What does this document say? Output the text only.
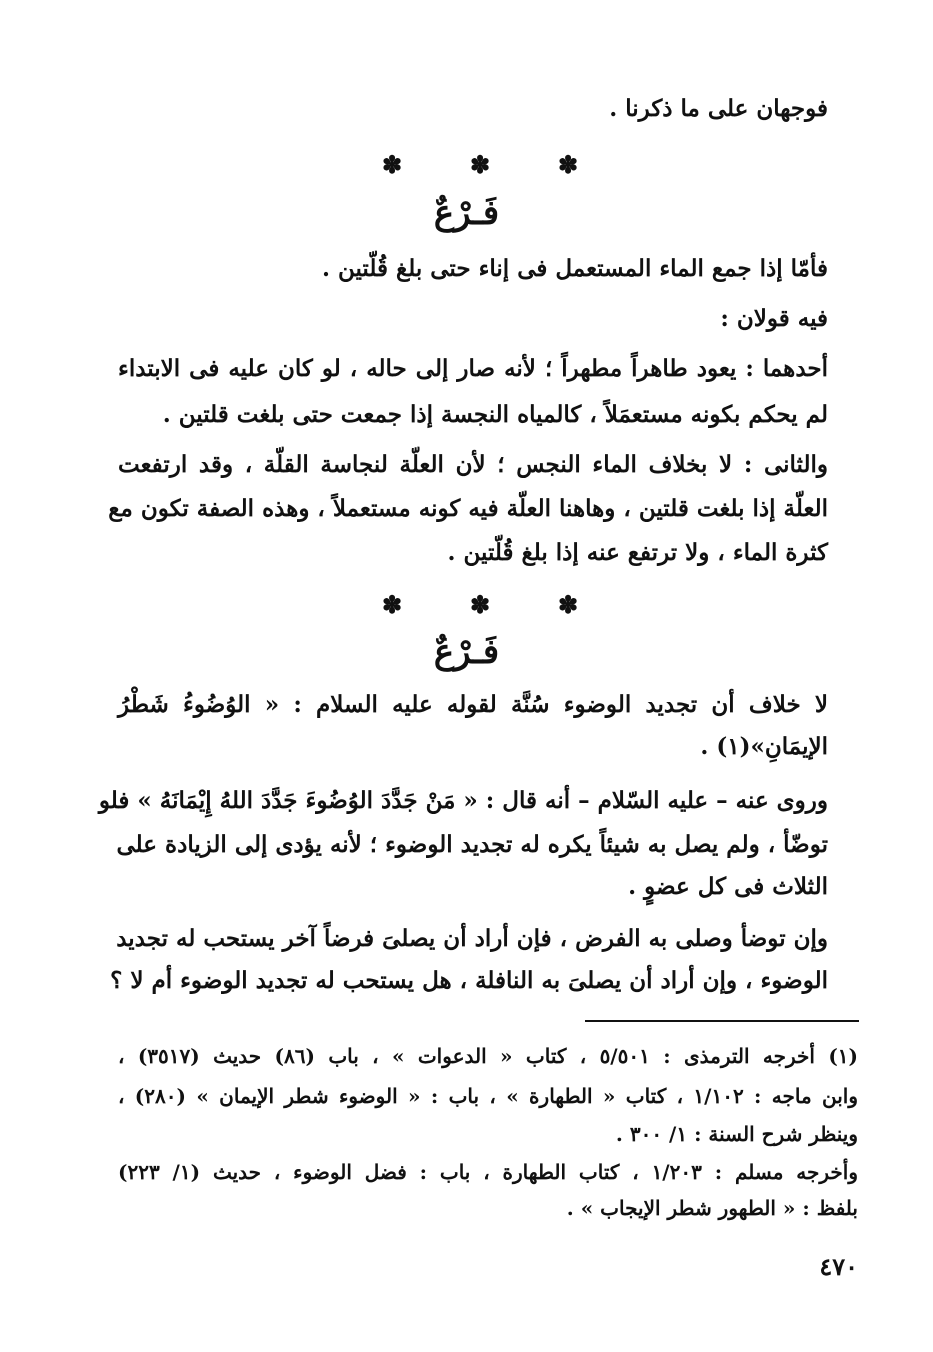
فوجهان على ما ذكرنا .
✽	✽	✽
فَـرْعٌ
فأمّا إذا جمع الماء المستعمل فى إناء حتى بلغ قُلّتين .
فيه قولان :
أحدهما : يعود طاهراً مطهراً ؛ لأنه صار إلى حاله ، لو كان عليه فى الابتداء
لم يحكم بكونه مستعمَلاً ، كالمياه النجسة إذا جمعت حتى بلغت قلتين .
والثانى : لا بخلاف الماء النجس ؛ لأن العلّة لنجاسة القلّة ، وقد ارتفعت
العلّة إذا بلغت قلتين ، وهاهنا العلّة فيه كونه مستعملاً ، وهذه الصفة تكون مع
كثرة الماء ، ولا ترتفع عنه إذا بلغ قُلّتين .
✽	✽	✽
فَـرْعٌ
لا خلاف أن تجديد الوضوء سُنَّة لقوله عليه السلام : « الوُضُوءُ شَطْرُ
الإيمَانِ»(١) .
وروى عنه – عليه السّلام – أنه قال : « مَنْ جَدَّدَ الوُضُوءَ جَدَّدَ اللهُ إِيْمَانَهُ » فلو
توضّأ ، ولم يصل به شيئاً يكره له تجديد الوضوء ؛ لأنه يؤدى إلى الزيادة على
الثلاث فى كل عضوٍ .
وإن توضأ وصلى به الفرض ، فإن أراد أن يصلىَ فرضاً آخر يستحب له تجديد
الوضوء ، وإن أراد أن يصلىَ به النافلة ، هل يستحب له تجديد الوضوء أم لا ؟
(١) أخرجه الترمذى : ٥/٥٠١ ، كتاب « الدعوات » ، باب (٨٦) حديث (٣٥١٧) ،
وابن ماجه : ١/١٠٢ ، كتاب « الطهارة » ، باب : « الوضوء شطر الإيمان » (٢٨٠) ،
وينظر شرح السنة : ١/ ٣٠٠ .
وأخرجه مسلم : ١/٢٠٣ ، كتاب الطهارة ، باب : فضل الوضوء ، حديث (١/ ٢٢٣)
بلفظ : « الطهور شطر الإيجاب » .
٤٧٠
